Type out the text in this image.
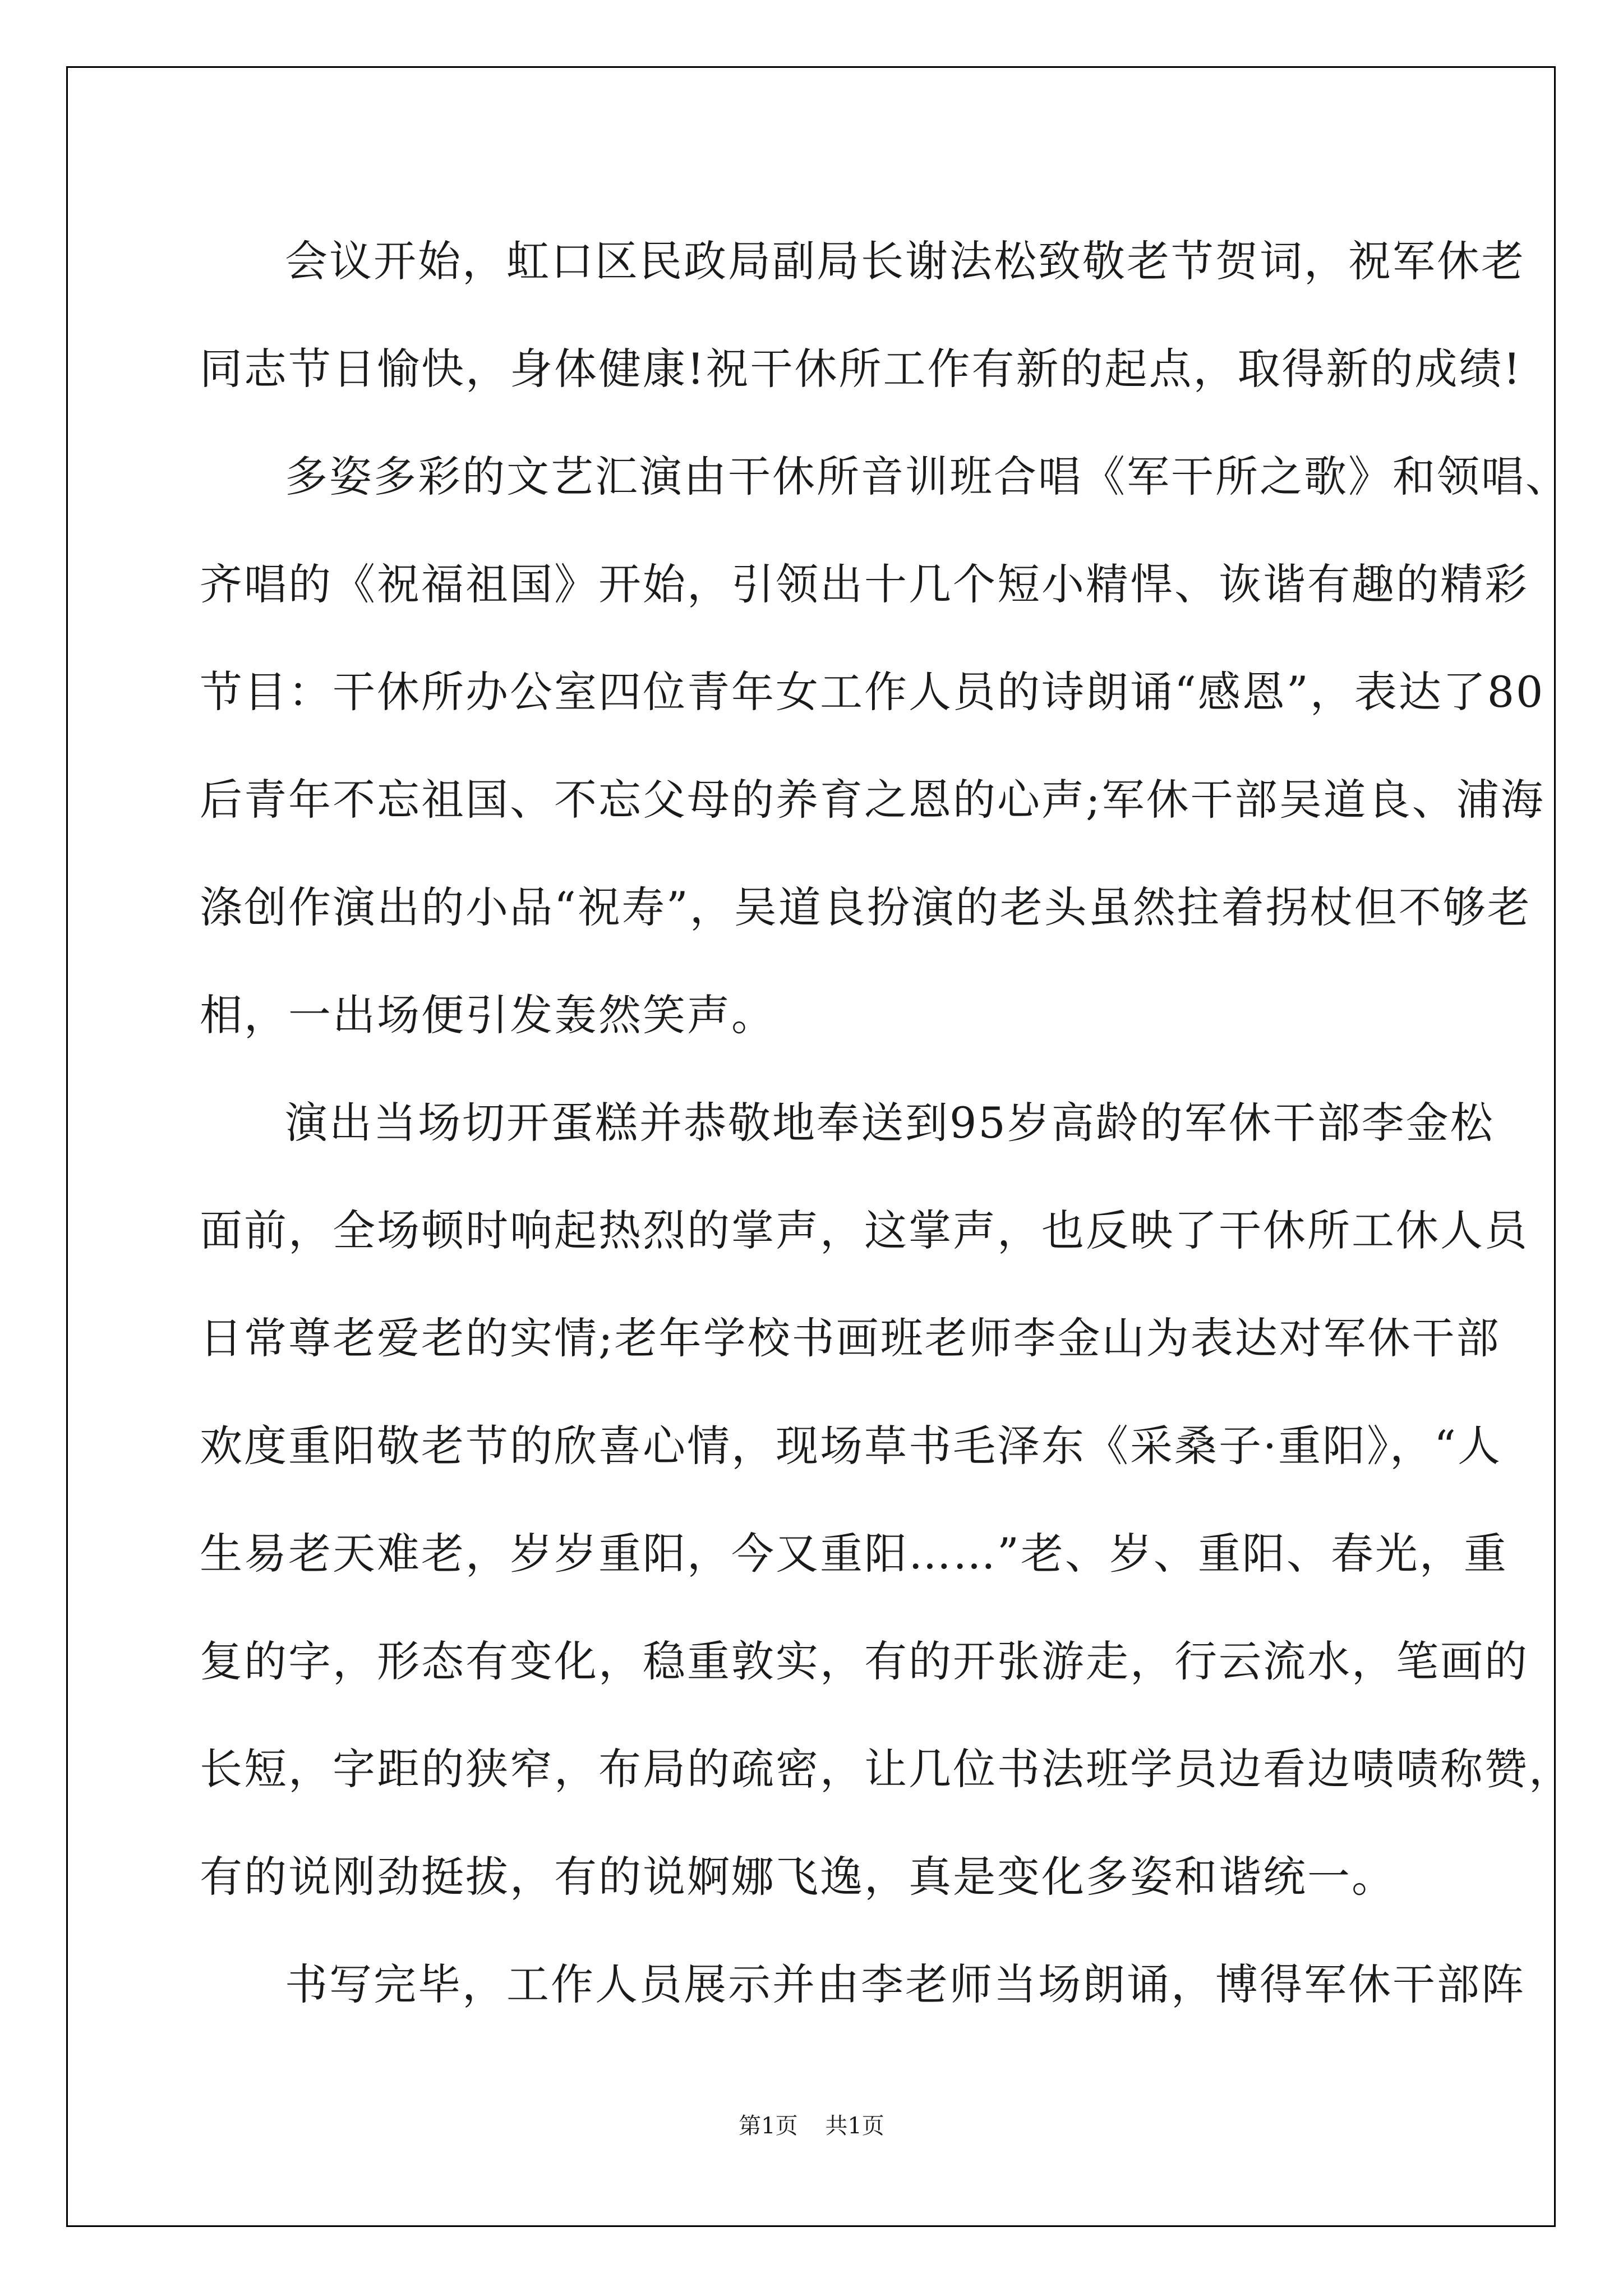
会议开始，虹口区民政局副局长谢法松致敬老节贺词，祝军休老
同志节日愉快，身体健康!祝干休所工作有新的起点，取得新的成绩!
多姿多彩的文艺汇演由干休所音训班合唱《军干所之歌》和领唱、
齐唱的《祝福祖国》开始，引领出十几个短小精悍、诙谐有趣的精彩
节目：干休所办公室四位青年女工作人员的诗朗诵“感恩”，表达了80
后青年不忘祖国、不忘父母的养育之恩的心声;军休干部吴道良、浦海
涤创作演出的小品“祝寿”，吴道良扮演的老头虽然拄着拐杖但不够老
相，一出场便引发轰然笑声。
演出当场切开蛋糕并恭敬地奉送到95岁高龄的军休干部李金松
面前，全场顿时响起热烈的掌声，这掌声，也反映了干休所工休人员
日常尊老爱老的实情;老年学校书画班老师李金山为表达对军休干部
欢度重阳敬老节的欣喜心情，现场草书毛泽东《采桑子·重阳》，“人
生易老天难老，岁岁重阳，今又重阳……”老、岁、重阳、春光，重
复的字，形态有变化，稳重敦实，有的开张游走，行云流水，笔画的
长短，字距的狭窄，布局的疏密，让几位书法班学员边看边啧啧称赞，
有的说刚劲挺拔，有的说婀娜飞逸，真是变化多姿和谐统一。
书写完毕，工作人员展示并由李老师当场朗诵，博得军休干部阵
第1页 共1页
